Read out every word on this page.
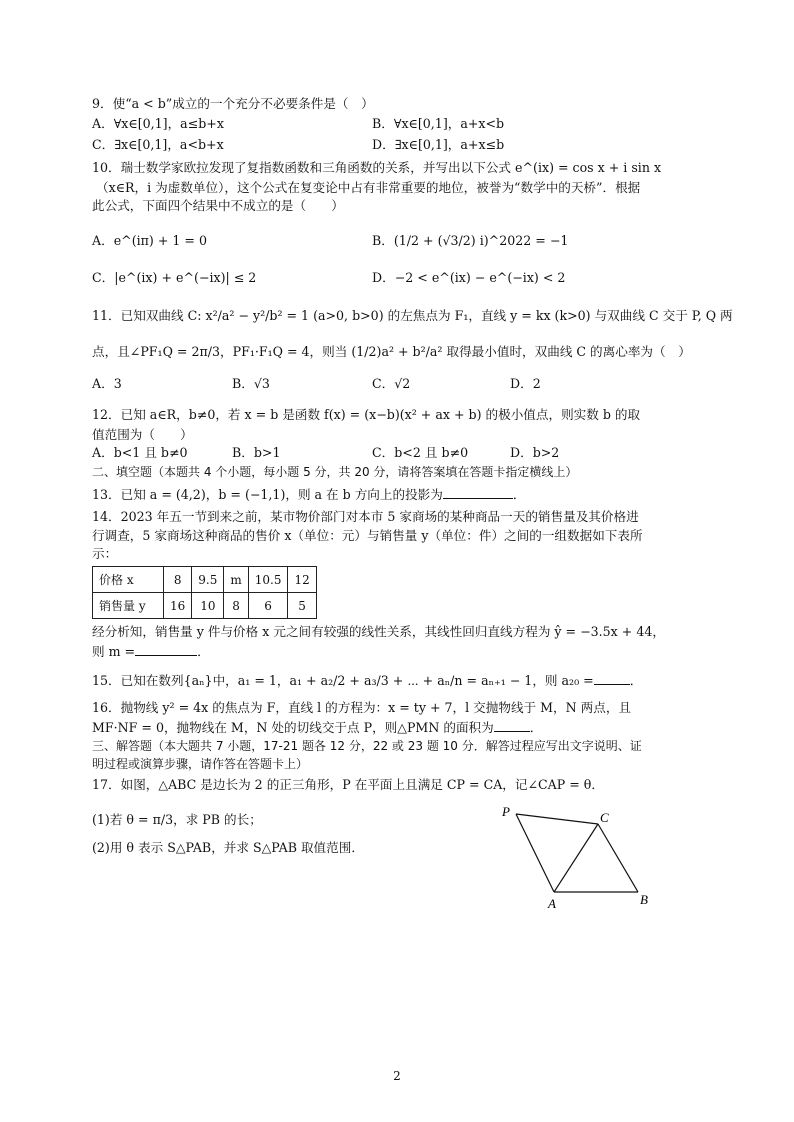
9．使“a < b”成立的一个充分不必要条件是（　）
A．∀x∈[0,1]，a≤b+x	B．∀x∈[0,1]，a+x<b
C．∃x∈[0,1]，a<b+x	D．∃x∈[0,1]，a+x≤b
10．瑞士数学家欧拉发现了复指数函数和三角函数的关系，并写出以下公式 e^(ix) = cos x + i sin x
（x∈R，i 为虚数单位），这个公式在复变论中占有非常重要的地位，被誉为“数学中的天桥”．根据
此公式，下面四个结果中不成立的是（　　）
A．e^(iπ) + 1 = 0	B．(1/2 + (√3/2) i)^2022 = −1
C．|e^(ix) + e^(−ix)| ≤ 2	D．−2 < e^(ix) − e^(−ix) < 2
11．已知双曲线 C: x²/a² − y²/b² = 1 (a>0, b>0) 的左焦点为 F₁，直线 y = kx (k>0) 与双曲线 C 交于 P, Q 两
点，且∠PF₁Q = 2π/3，PF₁·F₁Q = 4，则当 (1/2)a² + b²/a² 取得最小值时，双曲线 C 的离心率为（　）
A．3	B．√3	C．√2	D．2
12．已知 a∈R，b≠0，若 x = b 是函数 f(x) = (x−b)(x² + ax + b) 的极小值点，则实数 b 的取
值范围为（　　）
A．b<1 且 b≠0	B．b>1	C．b<2 且 b≠0	D．b>2
二、填空题（本题共 4 个小题，每小题 5 分，共 20 分，请将答案填在答题卡指定横线上）
13．已知 a = (4,2)，b = (−1,1)，则 a 在 b 方向上的投影为	．
14．2023 年五一节到来之前，某市物价部门对本市 5 家商场的某种商品一天的销售量及其价格进
行调查，5 家商场这种商品的售价 x（单位：元）与销售量 y（单位：件）之间的一组数据如下表所
示：
价格 x	8	9.5	m	10.5	12
销售量 y	16	10	8	6	5
经分析知，销售量 y 件与价格 x 元之间有较强的线性关系，其线性回归直线方程为 ŷ = −3.5x + 44，
则 m =	．
15．已知在数列{aₙ}中，a₁ = 1，a₁ + a₂/2 + a₃/3 + ⋯ + aₙ/n = aₙ₊₁ − 1，则 a₂₀ =	．
16．抛物线 y² = 4x 的焦点为 F，直线 l 的方程为：x = ty + 7，l 交抛物线于 M，N 两点，且
MF·NF = 0，抛物线在 M，N 处的切线交于点 P，则△PMN 的面积为	．
三、解答题（本大题共 7 小题，17-21 题各 12 分，22 或 23 题 10 分．解答过程应写出文字说明、证
明过程或演算步骤，请作答在答题卡上）
17．如图，△ABC 是边长为 2 的正三角形，P 在平面上且满足 CP = CA，记∠CAP = θ．
(1)若 θ = π/3，求 PB 的长；
(2)用 θ 表示 S△PAB，并求 S△PAB 取值范围．
P	C
A	B
2
